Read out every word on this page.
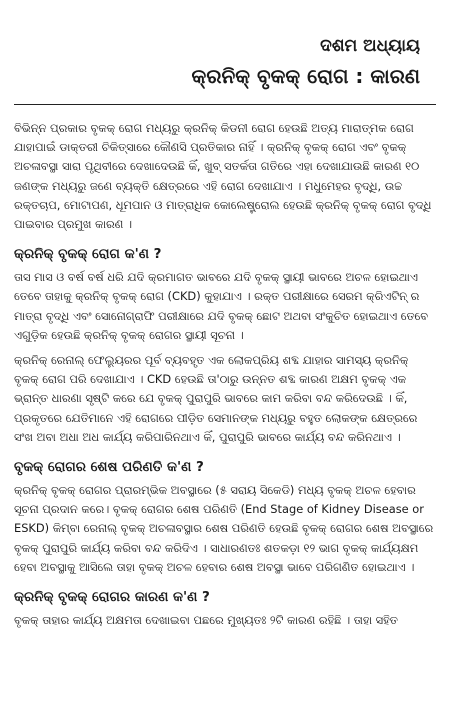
ଦଶମ ଅଧ୍ୟାୟ
କ୍ରନିକ୍ ବୃକକ୍ ରୋଗ : କାରଣ

ବିଭିନ୍ନ ପ୍ରକାର ବୃକକ୍ ରୋଗ ମଧ୍ୟରୁ କ୍ରନିକ୍ କିଡନୀ ରୋଗ ହେଉଛି ଅତ୍ୟ ମାରାତ୍ମକ ରୋଗ ଯାହାପାଇଁ ଡାକ୍ତରୀ ଚିକିତ୍ସାରେ କୌଣସି ପ୍ରତିକାର ନାହିଁ । କ୍ରନିକ୍ ବୃକକ୍ ରୋଗ ଏବଂ ବୃକକ୍ ଅଚଳାବସ୍ଥା ସାରା ପୃଥିବୀରେ ଦେଖାଦେଉଛି କିଁ, ଖୁବ୍ ସତର୍କତା ଗତିରେ ଏହା ଦେଖାଯାଉଛି କାରଣ ୧୦ ଜଣଙ୍କ ମଧ୍ୟରୁ ଜଣେ ବ୍ୟକ୍ତି କ୍ଷେତ୍ରରେ ଏହି ରୋଗ ଦେଖାଯାଏ । ମଧୁମେହର ବୃଦ୍ଧି, ଉଚ୍ଚ ରକ୍ତଚାପ, ମୋଟାପଣ, ଧୂମପାନ ଓ ମାତ୍ରାଧିକ କୋଲେଷ୍ଟ୍ରୋଲ ହେଉଛି କ୍ରନିକ୍ ବୃକକ୍ ରୋଗ ବୃଦ୍ଧି ପାଇବାର ପ୍ରମୁଖ କାରଣ ।

କ୍ରନିକ୍ ବୃକକ୍ ରୋଗ କ'ଣ ?

ତାସ ମାସ ଓ ବର୍ଷ ବର୍ଷ ଧରି ଯଦି କ୍ରମାଗତ ଭାବରେ ଯଦି ବୃକକ୍ ସ୍ଥାୟୀ ଭାବରେ ଅଚଳ ହୋଇଥାଏ ତେବେ ତାହାକୁ କ୍ରନିକ୍ ବୃକକ୍ ରୋଗ (CKD) କୁହାଯାଏ । ରକ୍ତ ପରୀକ୍ଷାରେ ସେରମ କ୍ରିଏଟିନ୍ ର ମାତ୍ରା ବୃଦ୍ଧି ଏବଂ ସୋନୋଗ୍ରାଫି ପରୀକ୍ଷାରେ ଯଦି ବୃକକ୍ ଛୋଟ ଅଥବା ସଂକୁଚିତ ହୋଇଥାଏ ତେବେ ଏଗୁଡ଼ିକ ହେଉଛି କ୍ରନିକ୍ ବୃକକ୍ ରୋଗର ସ୍ଥାୟୀ ସୂଚନା ।

କ୍ରନିକ୍ ରେନାଲ୍ ଫେଲ୍ୟୁରର ପୂର୍ବ ବ୍ୟବହୃତ ଏକ ଲୋକପ୍ରିୟ ଶବ୍ଦ ଯାହାର ସାମସ୍ୟ କ୍ରନିକ୍ ବୃକକ୍ ରୋଗ ପରି ଦେଖାଯାଏ । CKD ହେଉଛି ତା'ଠାରୁ ଉନ୍ନତ ଶବ୍ଦ କାରଣ ଅକ୍ଷମ ବୃକକ୍ ଏକ ଭ୍ରାନ୍ତ ଧାରଣା ସୃଷ୍ଟି କରେ ଯେ ବୃକକ୍ ପୁରାପୁରି ଭାବରେ କାମ କରିବା ବନ୍ଦ କରିଦେଉଛି । କିଁ, ପ୍ରକୃତରେ ଯେତିମାନେ ଏହି ରୋଗରେ ପୀଡ଼ିତ ସେମାନଙ୍କ ମଧ୍ୟରୁ ବହୁତ ଲୋକଙ୍କ କ୍ଷେତ୍ରରେ ସଂଖ ଅବା ଅଧା ଅଧ କାର୍ଯ୍ୟ କରିପାରିନଥାଏ କିଁ, ପୁରାପୁରି ଭାବରେ କାର୍ଯ୍ୟ ବନ୍ଦ କରିନଥାଏ ।

ବୃକକ୍ ରୋଗର ଶେଷ ପରିଣତି କ'ଣ ?

କ୍ରନିକ୍ ବୃକକ୍ ରୋଗର ପ୍ରାରମ୍ଭିକ ଅବସ୍ଥାରେ (୫ ସରାୟ ସିକେଡି) ମଧ୍ୟ ବୃକକ୍ ଅଚଳ ହେବାର ସୂଚନା ପ୍ରଦାନ କରେ। ବୃକକ୍ ରୋଗର ଶେଷ ପରିଣତି (End Stage of Kidney Disease or ESKD) କିମ୍ବା ରେନାଲ୍ ବୃକକ୍ ଅଚଳାବସ୍ଥାର ଶେଷ ପରିଣତି ହେଉଛି ବୃକକ୍ ରୋଗର ଶେଷ ଅବସ୍ଥାରେ ବୃକକ୍ ପୁରାପୁରି କାର୍ଯ୍ୟ କରିବା ବନ୍ଦ କରିଦିଏ । ସାଧାରଣତଃ ଶତକଡ଼ା ୧୨ ଭାଗ ବୃକକ୍ କାର୍ଯ୍ୟକ୍ଷମ ହେବା ଅବସ୍ଥାକୁ ଆସିଲେ ତାହା ବୃକକ୍ ଅଚଳ ହେବାର ଶେଷ ଅବସ୍ଥା ଭାବେ ପରିଗଣିତ ହୋଇଥାଏ ।

କ୍ରନିକ୍ ବୃକକ୍ ରୋଗର କାରଣ କ'ଣ ?

ବୃକକ୍ ତାହାର କାର୍ଯ୍ୟ ଅକ୍ଷମତା ଦେଖାଇବା ପଛରେ ମୁଖ୍ୟତଃ ୨ଟି କାରଣ ରହିଛି । ତାହା ସହିତ
